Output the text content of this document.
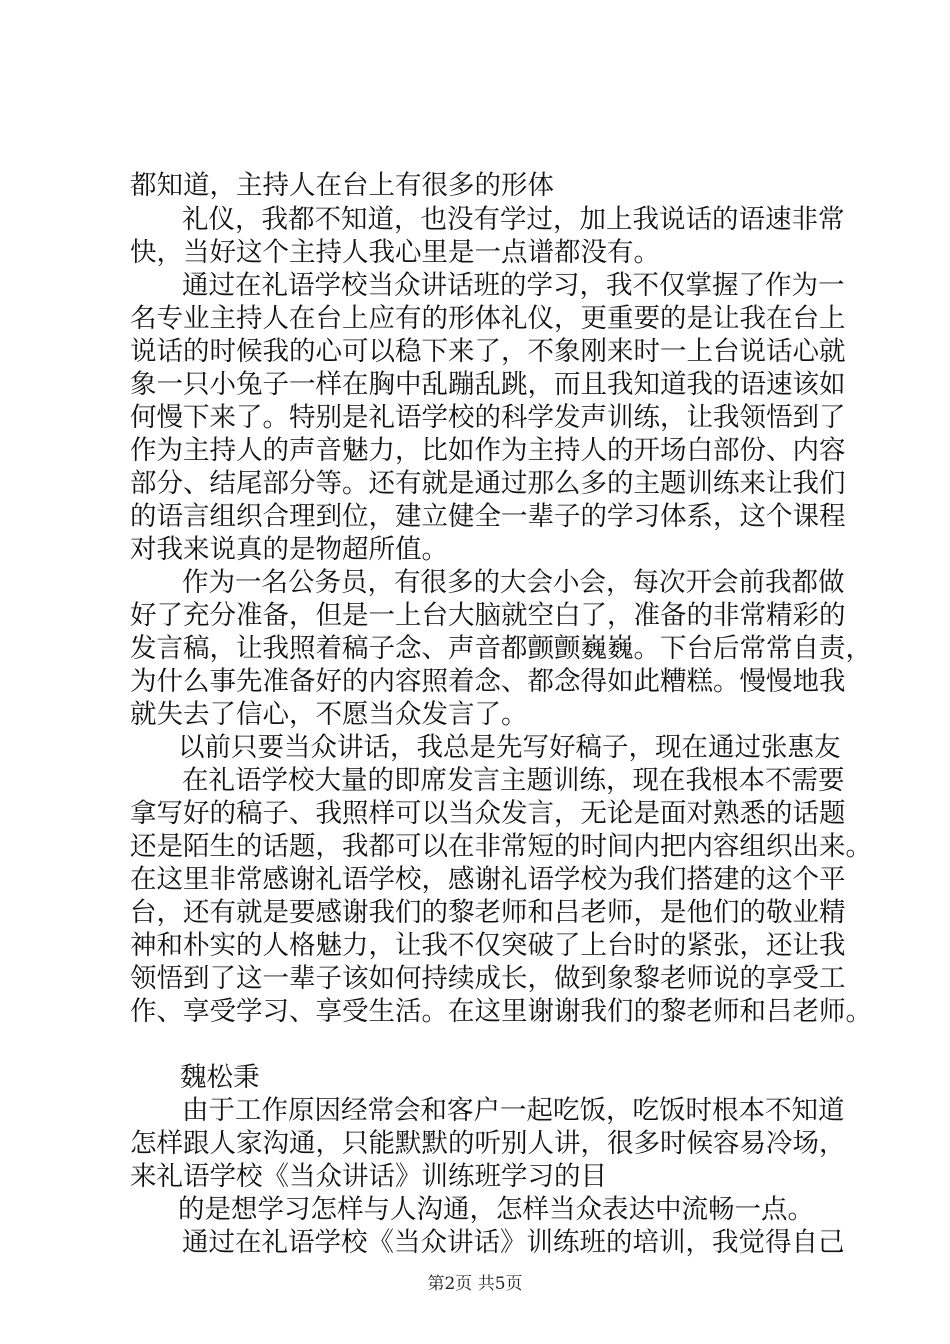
都知道，主持人在台上有很多的形体
礼仪，我都不知道，也没有学过，加上我说话的语速非常
快，当好这个主持人我心里是一点谱都没有。
通过在礼语学校当众讲话班的学习，我不仅掌握了作为一
名专业主持人在台上应有的形体礼仪，更重要的是让我在台上
说话的时候我的心可以稳下来了，不象刚来时一上台说话心就
象一只小兔子一样在胸中乱蹦乱跳，而且我知道我的语速该如
何慢下来了。特别是礼语学校的科学发声训练，让我领悟到了
作为主持人的声音魅力，比如作为主持人的开场白部份、内容
部分、结尾部分等。还有就是通过那么多的主题训练来让我们
的语言组织合理到位，建立健全一辈子的学习体系，这个课程
对我来说真的是物超所值。
作为一名公务员，有很多的大会小会，每次开会前我都做
好了充分准备，但是一上台大脑就空白了，准备的非常精彩的
发言稿，让我照着稿子念、声音都颤颤巍巍。下台后常常自责，
为什么事先准备好的内容照着念、都念得如此糟糕。慢慢地我
就失去了信心，不愿当众发言了。
以前只要当众讲话，我总是先写好稿子，现在通过张惠友
在礼语学校大量的即席发言主题训练，现在我根本不需要
拿写好的稿子、我照样可以当众发言，无论是面对熟悉的话题
还是陌生的话题，我都可以在非常短的时间内把内容组织出来。
在这里非常感谢礼语学校，感谢礼语学校为我们搭建的这个平
台，还有就是要感谢我们的黎老师和吕老师，是他们的敬业精
神和朴实的人格魅力，让我不仅突破了上台时的紧张，还让我
领悟到了这一辈子该如何持续成长，做到象黎老师说的享受工
作、享受学习、享受生活。在这里谢谢我们的黎老师和吕老师。
魏松秉
由于工作原因经常会和客户一起吃饭，吃饭时根本不知道
怎样跟人家沟通，只能默默的听别人讲，很多时候容易冷场，
来礼语学校《当众讲话》训练班学习的目
的是想学习怎样与人沟通，怎样当众表达中流畅一点。
通过在礼语学校《当众讲话》训练班的培训，我觉得自己
第2页 共5页
